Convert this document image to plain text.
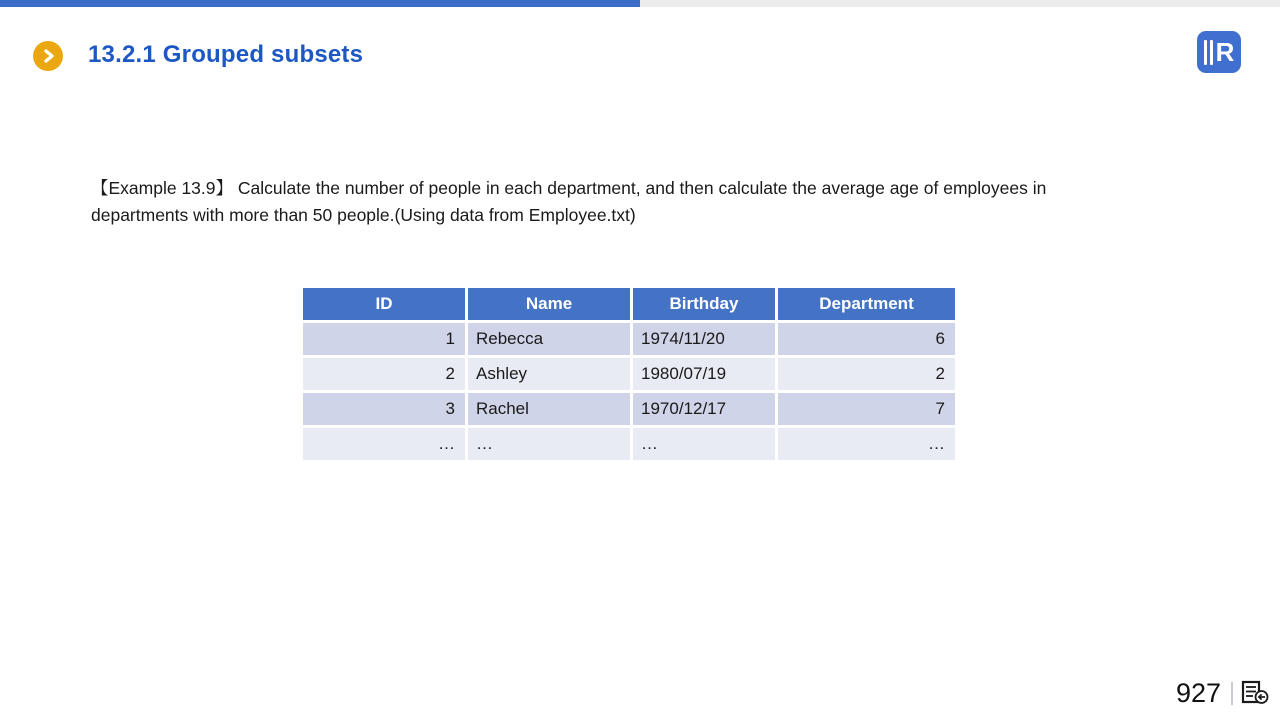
13.2.1 Grouped subsets	R
【Example 13.9】 Calculate the number of people in each department, and then calculate the average age of employees in
departments with more than 50 people.(Using data from Employee.txt)
ID	Name	Birthday	Department
1	Rebecca	1974/11/20	6
2	Ashley	1980/07/19	2
3	Rachel	1970/12/17	7
…	…	…	…
927
